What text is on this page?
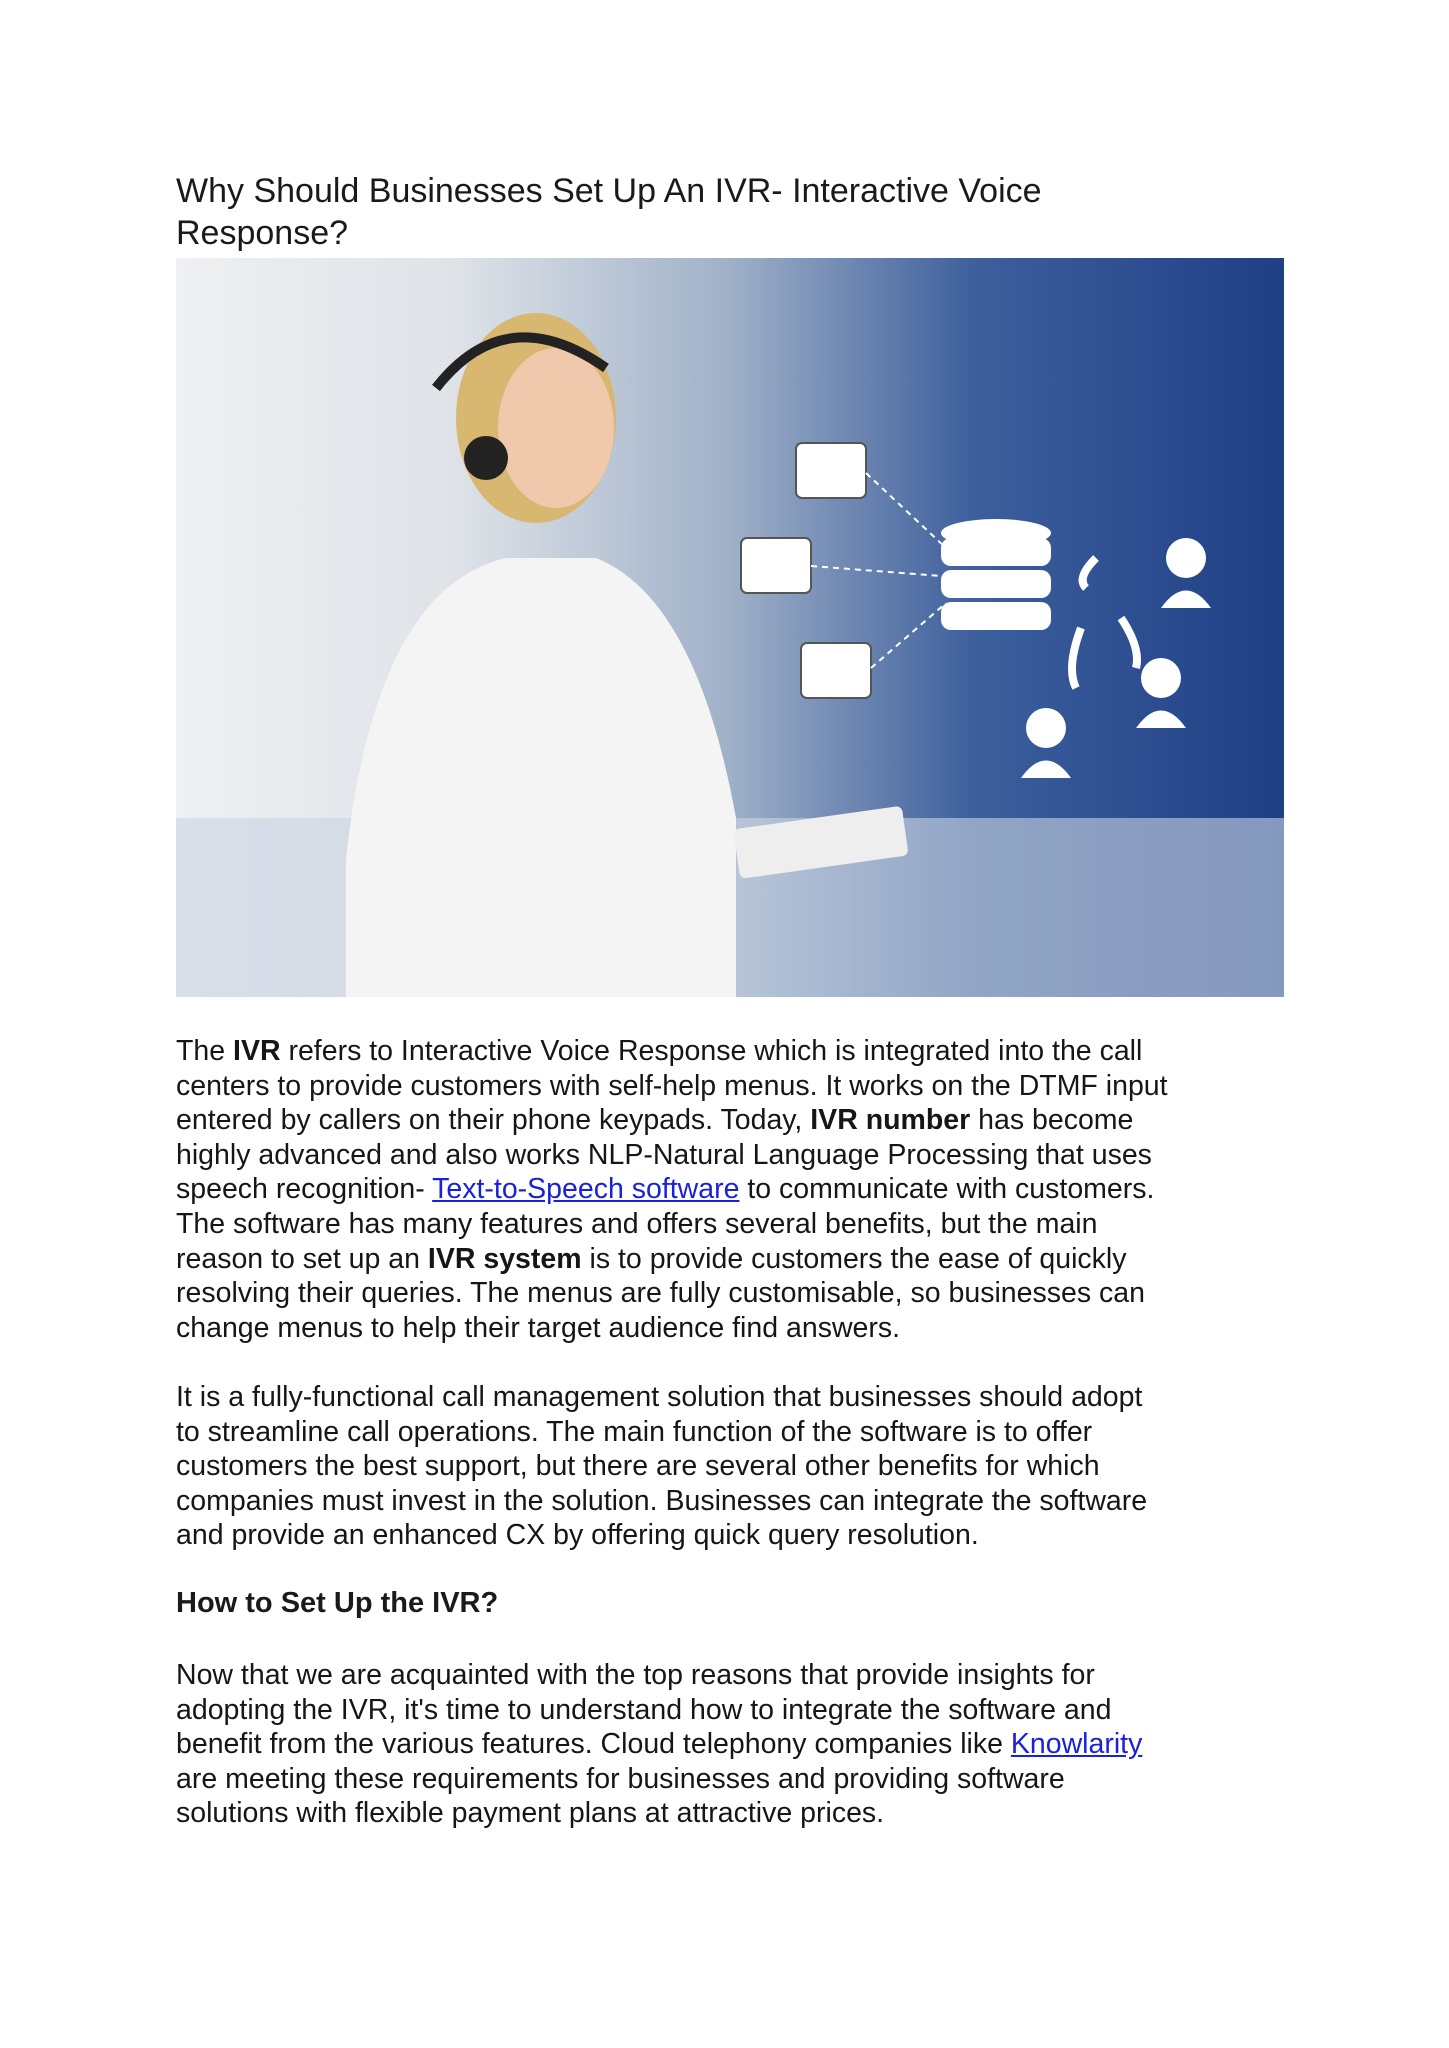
Why Should Businesses Set Up An IVR- Interactive Voice
Response?
The IVR refers to Interactive Voice Response which is integrated into the call
centers to provide customers with self-help menus. It works on the DTMF input
entered by callers on their phone keypads. Today, IVR number has become
highly advanced and also works NLP-Natural Language Processing that uses
speech recognition- Text-to-Speech software to communicate with customers.
The software has many features and offers several benefits, but the main
reason to set up an IVR system is to provide customers the ease of quickly
resolving their queries. The menus are fully customisable, so businesses can
change menus to help their target audience find answers.
It is a fully-functional call management solution that businesses should adopt
to streamline call operations. The main function of the software is to offer
customers the best support, but there are several other benefits for which
companies must invest in the solution. Businesses can integrate the software
and provide an enhanced CX by offering quick query resolution.
How to Set Up the IVR?
Now that we are acquainted with the top reasons that provide insights for
adopting the IVR, it's time to understand how to integrate the software and
benefit from the various features. Cloud telephony companies like Knowlarity
are meeting these requirements for businesses and providing software
solutions with flexible payment plans at attractive prices.
